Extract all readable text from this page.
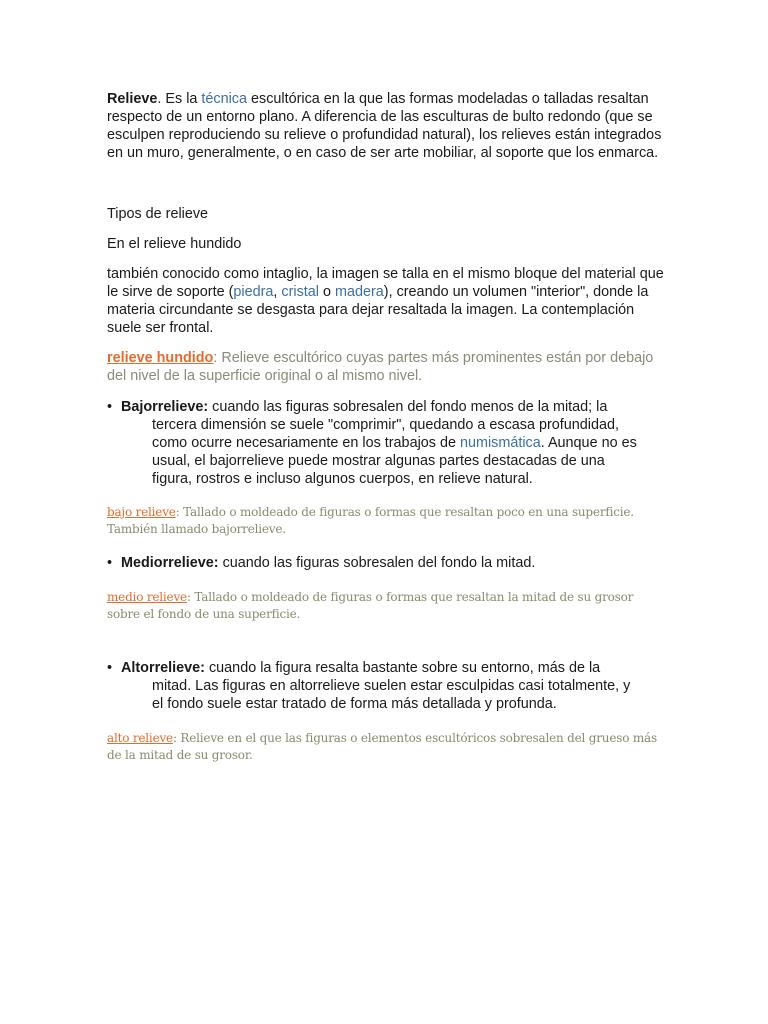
Relieve. Es la técnica escultórica en la que las formas modeladas o talladas resaltan respecto de un entorno plano. A diferencia de las esculturas de bulto redondo (que se esculpen reproduciendo su relieve o profundidad natural), los relieves están integrados en un muro, generalmente, o en caso de ser arte mobiliar, al soporte que los enmarca.

Tipos de relieve

En el relieve hundido

también conocido como intaglio, la imagen se talla en el mismo bloque del material que le sirve de soporte (piedra, cristal o madera), creando un volumen "interior", donde la materia circundante se desgasta para dejar resaltada la imagen. La contemplación suele ser frontal.

relieve hundido: Relieve escultórico cuyas partes más prominentes están por debajo del nivel de la superficie original o al mismo nivel.

• Bajorrelieve: cuando las figuras sobresalen del fondo menos de la mitad; la
tercera dimensión se suele "comprimir", quedando a escasa profundidad,
como ocurre necesariamente en los trabajos de numismática. Aunque no es
usual, el bajorrelieve puede mostrar algunas partes destacadas de una
figura, rostros e incluso algunos cuerpos, en relieve natural.

bajo relieve: Tallado o moldeado de figuras o formas que resaltan poco en una superficie. También llamado bajorrelieve.

• Mediorrelieve: cuando las figuras sobresalen del fondo la mitad.

medio relieve: Tallado o moldeado de figuras o formas que resaltan la mitad de su grosor sobre el fondo de una superficie.

• Altorrelieve: cuando la figura resalta bastante sobre su entorno, más de la
mitad. Las figuras en altorrelieve suelen estar esculpidas casi totalmente, y
el fondo suele estar tratado de forma más detallada y profunda.

alto relieve: Relieve en el que las figuras o elementos escultóricos sobresalen del grueso más de la mitad de su grosor.
